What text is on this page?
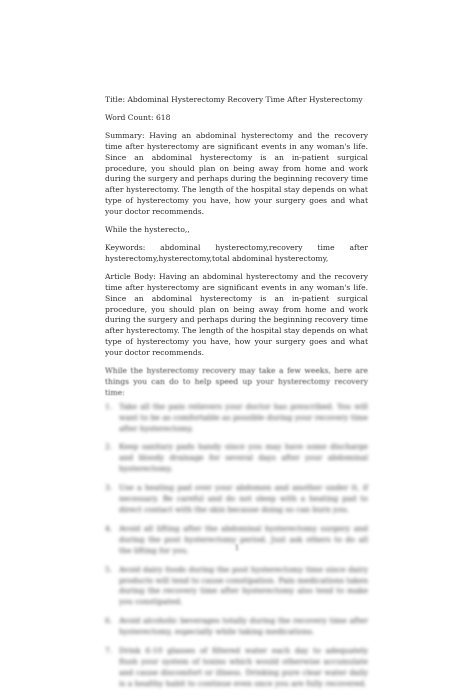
Title: Abdominal Hysterectomy Recovery Time After Hysterectomy

Word Count: 618

Summary: Having an abdominal hysterectomy and the recovery time after hysterectomy are significant events in any woman's life. Since an abdominal hysterectomy is an in-patient surgical procedure, you should plan on being away from home and work during the surgery and perhaps during the beginning recovery time after hysterectomy. The length of the hospital stay depends on what type of hysterectomy you have, how your surgery goes and what your doctor recommends.

While the hysterecto,,

Keywords: abdominal hysterectomy,recovery time after hysterectomy,hysterectomy,total abdominal hysterectomy,

Article Body: Having an abdominal hysterectomy and the recovery time after hysterectomy are significant events in any woman's life. Since an abdominal hysterectomy is an in-patient surgical procedure, you should plan on being away from home and work during the surgery and perhaps during the beginning recovery time after hysterectomy. The length of the hospital stay depends on what type of hysterectomy you have, how your surgery goes and what your doctor recommends.

While the hysterectomy recovery may take a few weeks, here are things you can do to help speed up your hysterectomy recovery time:

1. Take all the pain relievers your doctor has prescribed. You will want to be as comfortable as possible during your recovery time after hysterectomy.
2. Keep sanitary pads handy since you may have some discharge and bloody drainage for several days after your abdominal hysterectomy.
3. Use a heating pad over your abdomen and another under it, if necessary. Be careful and do not sleep with a heating pad to direct contact with the skin because doing so can burn you.
4. Avoid all lifting after the abdominal hysterectomy surgery and during the post hysterectomy period. Just ask others to do all the lifting for you.
5. Avoid dairy foods during the post hysterectomy time since dairy products will tend to cause constipation. Pain medications taken during the recovery time after hysterectomy also tend to make you constipated.
6. Avoid alcoholic beverages totally during the recovery time after hysterectomy, especially while taking medications.
7. Drink 6-10 glasses of filtered water each day to adequately flush your system of toxins which would otherwise accumulate and cause discomfort or illness. Drinking pure clear water daily is a healthy habit to continue even once you are fully recovered.
1
